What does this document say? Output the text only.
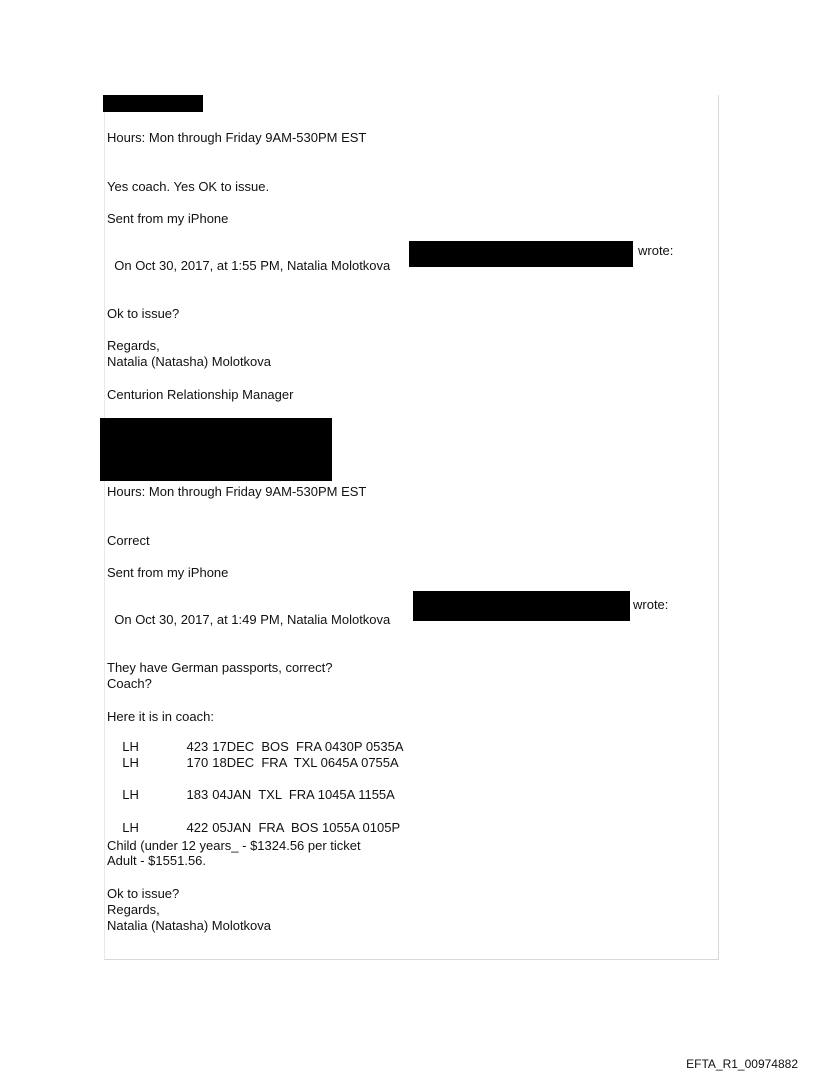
Hours: Mon through Friday 9AM-530PM EST
Yes coach. Yes OK to issue.
Sent from my iPhone

On Oct 30, 2017, at 1:55 PM, Natalia Molotkova

wrote:
Ok to issue?
Regards,
Natalia (Natasha) Molotkova
Centurion Relationship Manager
Hours: Mon through Friday 9AM-530PM EST
Correct
Sent from my iPhone

On Oct 30, 2017, at 1:49 PM, Natalia Molotkova

wrote:
They have German passports, correct?
Coach?
Here it is in coach:

LH	423 17DEC  BOS  FRA 0430P 0535A

LH	170 18DEC  FRA  TXL 0645A 0755A

LH	183 04JAN  TXL  FRA 1045A 1155A

LH	422 05JAN  FRA  BOS 1055A 0105P

Child (under 12 years_ - $1324.56 per ticket
Adult - $1551.56.
Ok to issue?
Regards,
Natalia (Natasha) Molotkova
EFTA_R1_00974882
